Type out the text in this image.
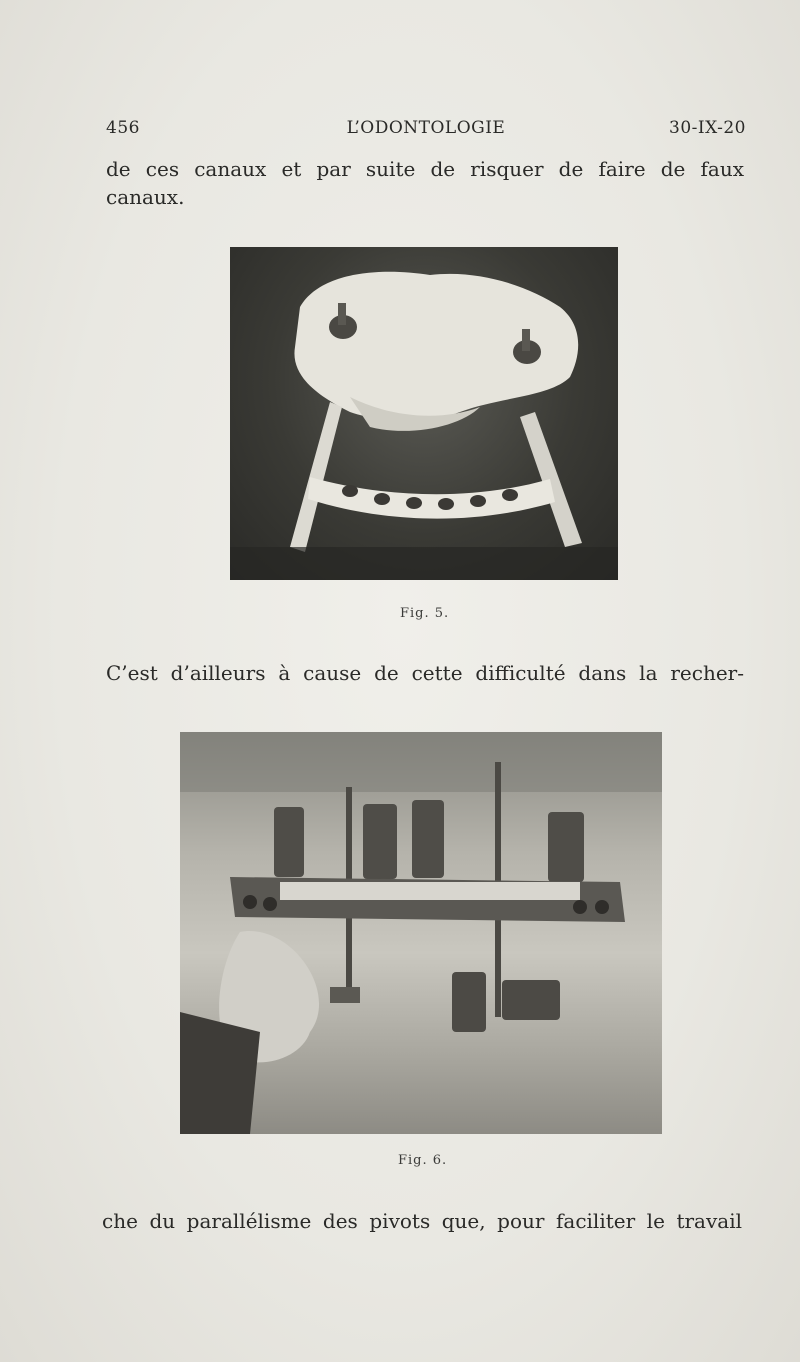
456	L’ODONTOLOGIE	30-IX-20
de ces canaux et par suite de risquer de faire de faux
canaux.
Fig. 5.
C’est d’ailleurs à cause de cette difficulté dans la recher-
Fig. 6.
che du parallélisme des pivots que, pour faciliter le travail
